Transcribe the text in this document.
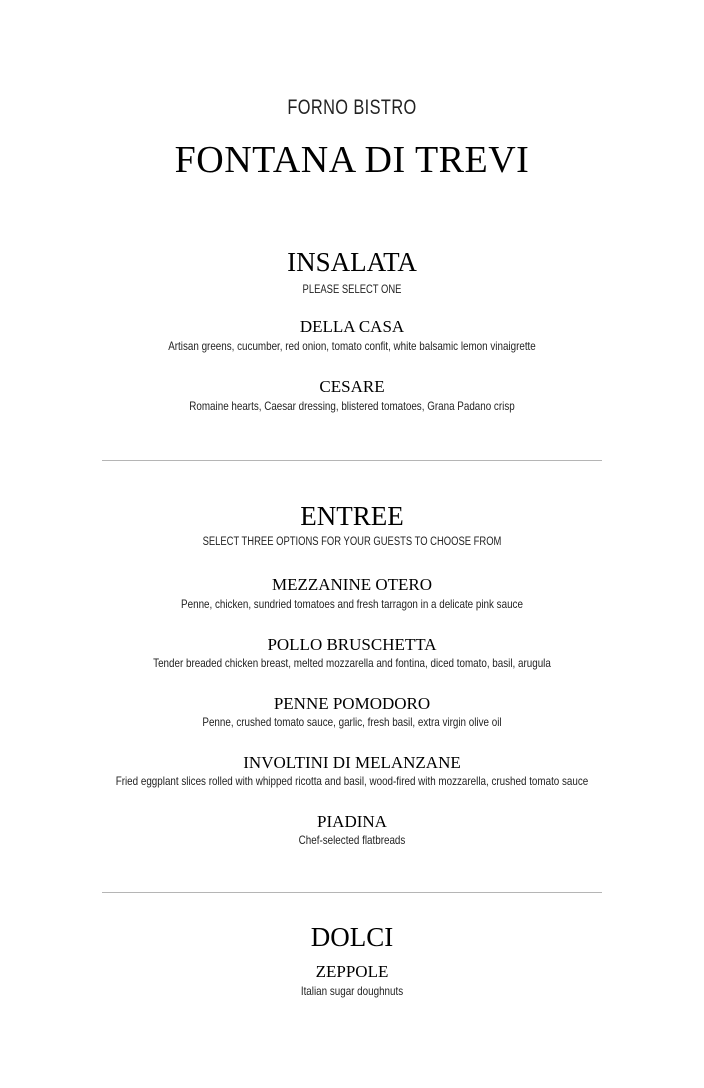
FORNO BISTRO
FONTANA DI TREVI
INSALATA
PLEASE SELECT ONE
DELLA CASA
Artisan greens, cucumber, red onion, tomato confit, white balsamic lemon vinaigrette
CESARE
Romaine hearts, Caesar dressing, blistered tomatoes, Grana Padano crisp
ENTREE
SELECT THREE OPTIONS FOR YOUR GUESTS TO CHOOSE FROM
MEZZANINE OTERO
Penne, chicken, sundried tomatoes and fresh tarragon in a delicate pink sauce
POLLO BRUSCHETTA
Tender breaded chicken breast, melted mozzarella and fontina, diced tomato, basil, arugula
PENNE POMODORO
Penne, crushed tomato sauce, garlic, fresh basil, extra virgin olive oil
INVOLTINI DI MELANZANE
Fried eggplant slices rolled with whipped ricotta and basil, wood-fired with mozzarella, crushed tomato sauce
PIADINA
Chef-selected flatbreads
DOLCI
ZEPPOLE
Italian sugar doughnuts
